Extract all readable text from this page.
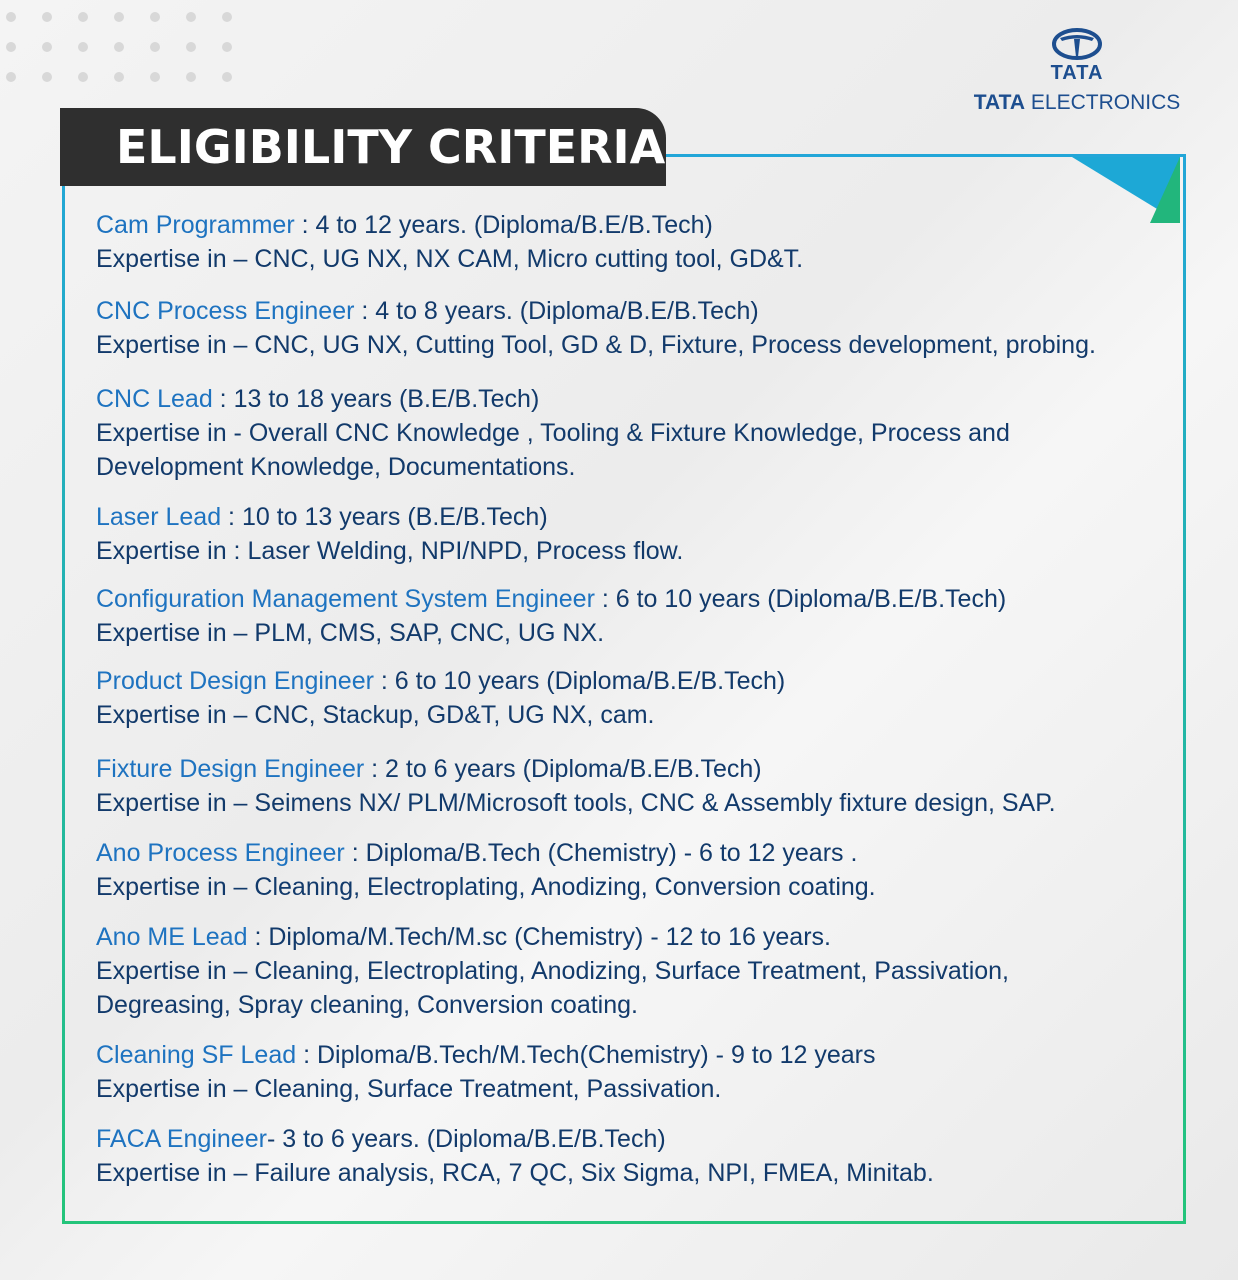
TATA
TATA ELECTRONICS
ELIGIBILITY CRITERIA
Cam Programmer : 4 to 12 years. (Diploma/B.E/B.Tech)
Expertise in – CNC, UG NX, NX CAM, Micro cutting tool, GD&T.
CNC Process Engineer : 4 to 8 years. (Diploma/B.E/B.Tech)
Expertise in – CNC, UG NX, Cutting Tool, GD & D, Fixture, Process development, probing.
CNC Lead : 13 to 18 years (B.E/B.Tech)
Expertise in - Overall CNC Knowledge , Tooling & Fixture Knowledge, Process and
Development Knowledge, Documentations.
Laser Lead : 10 to 13 years (B.E/B.Tech)
Expertise in : Laser Welding, NPI/NPD, Process flow.
Configuration Management System Engineer : 6 to 10 years (Diploma/B.E/B.Tech)
Expertise in – PLM, CMS, SAP, CNC, UG NX.
Product Design Engineer : 6 to 10 years (Diploma/B.E/B.Tech)
Expertise in – CNC, Stackup, GD&T, UG NX, cam.
Fixture Design Engineer : 2 to 6 years (Diploma/B.E/B.Tech)
Expertise in – Seimens NX/ PLM/Microsoft tools, CNC & Assembly fixture design, SAP.
Ano Process Engineer : Diploma/B.Tech (Chemistry) - 6 to 12 years .
Expertise in – Cleaning, Electroplating, Anodizing, Conversion coating.
Ano ME Lead : Diploma/M.Tech/M.sc (Chemistry) - 12 to 16 years.
Expertise in – Cleaning, Electroplating, Anodizing, Surface Treatment, Passivation,
Degreasing, Spray cleaning, Conversion coating.
Cleaning SF Lead : Diploma/B.Tech/M.Tech(Chemistry) - 9 to 12 years
Expertise in – Cleaning, Surface Treatment, Passivation.
FACA Engineer- 3 to 6 years. (Diploma/B.E/B.Tech)
Expertise in – Failure analysis, RCA, 7 QC, Six Sigma, NPI, FMEA, Minitab.
